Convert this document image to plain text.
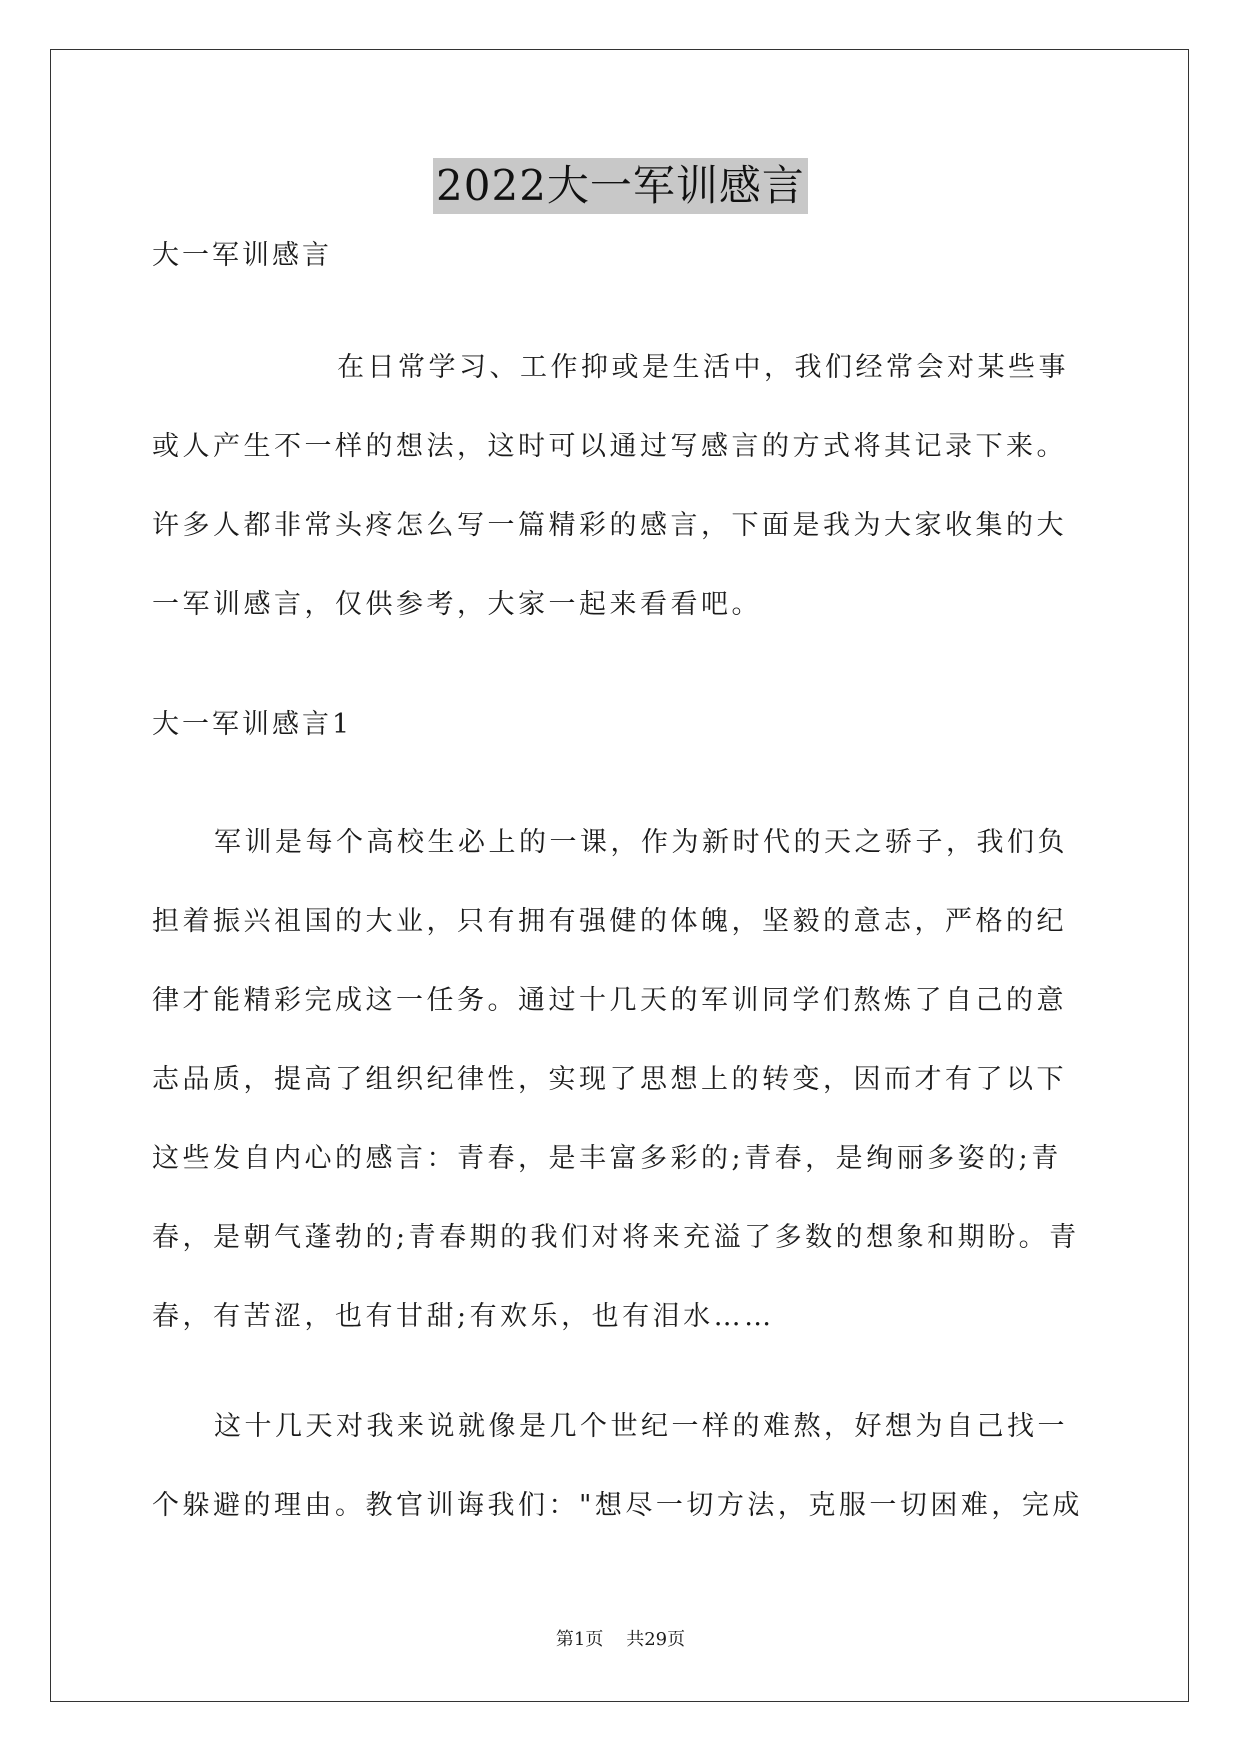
2022大一军训感言

大一军训感言

在日常学习、工作抑或是生活中，我们经常会对某些事或人产生不一样的想法，这时可以通过写感言的方式将其记录下来。许多人都非常头疼怎么写一篇精彩的感言，下面是我为大家收集的大一军训感言，仅供参考，大家一起来看看吧。

大一军训感言1

军训是每个高校生必上的一课，作为新时代的天之骄子，我们负担着振兴祖国的大业，只有拥有强健的体魄，坚毅的意志，严格的纪律才能精彩完成这一任务。通过十几天的军训同学们熬炼了自己的意志品质，提高了组织纪律性，实现了思想上的转变，因而才有了以下这些发自内心的感言：青春，是丰富多彩的;青春，是绚丽多姿的;青春，是朝气蓬勃的;青春期的我们对将来充溢了多数的想象和期盼。青春，有苦涩，也有甘甜;有欢乐，也有泪水……

这十几天对我来说就像是几个世纪一样的难熬，好想为自己找一个躲避的理由。教官训诲我们："想尽一切方法，克服一切困难，完成

第1页 共29页
